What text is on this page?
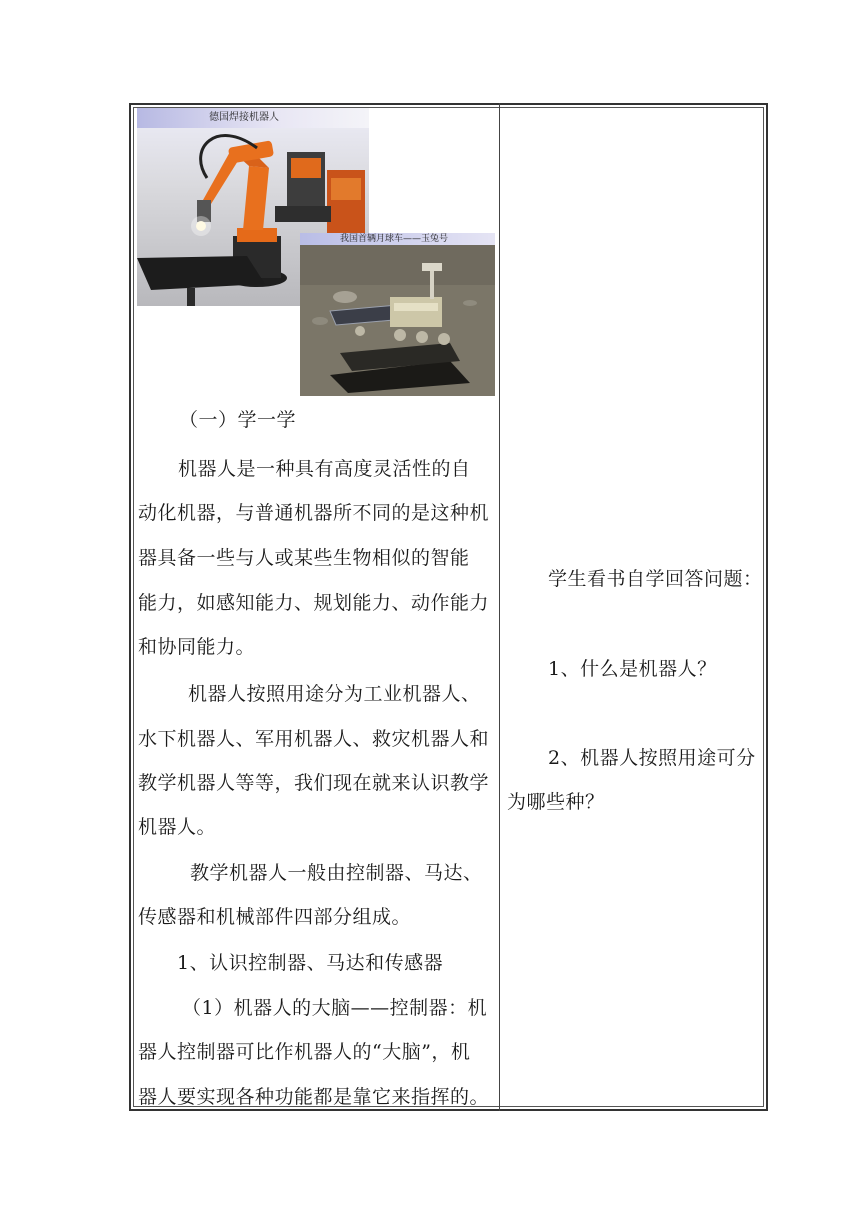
德国焊接机器人
我国首辆月球车——玉兔号
（一）学一学
机器人是一种具有高度灵活性的自
动化机器，与普通机器所不同的是这种机
器具备一些与人或某些生物相似的智能
能力，如感知能力、规划能力、动作能力
和协同能力。
机器人按照用途分为工业机器人、
水下机器人、军用机器人、救灾机器人和
教学机器人等等，我们现在就来认识教学
机器人。
教学机器人一般由控制器、马达、
传感器和机械部件四部分组成。
1、认识控制器、马达和传感器
（1）机器人的大脑——控制器：机
器人控制器可比作机器人的“大脑”，机
器人要实现各种功能都是靠它来指挥的。
学生看书自学回答问题：
1、什么是机器人？
2、机器人按照用途可分
为哪些种？
